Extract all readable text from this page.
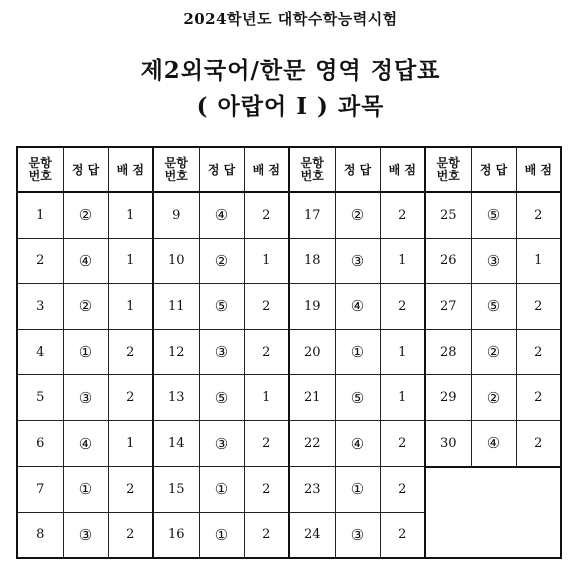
2024학년도 대학수학능력시험
제2외국어/한문 영역 정답표
( 아랍어 Ⅰ ) 과목
문항 번호	정 답	배 점	문항 번호	정 답	배 점	문항 번호	정 답	배 점	문항 번호	정 답	배 점
1	②	1	9	④	2	17	②	2	25	⑤	2
2	④	1	10	②	1	18	③	1	26	③	1
3	②	1	11	⑤	2	19	④	2	27	⑤	2
4	①	2	12	③	2	20	①	1	28	②	2
5	③	2	13	⑤	1	21	⑤	1	29	②	2
6	④	1	14	③	2	22	④	2	30	④	2
7	①	2	15	①	2	23	①	2			
8	③	2	16	①	2	24	③	2			
